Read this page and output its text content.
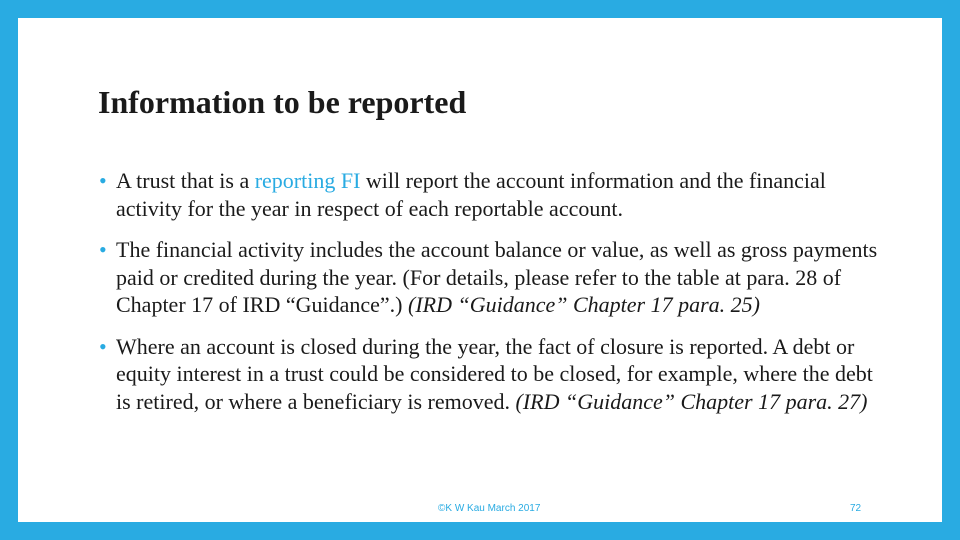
Information to be reported
• A trust that is a reporting FI will report the account information and the financial activity for the year in respect of each reportable account.
• The financial activity includes the account balance or value, as well as gross payments paid or credited during the year. (For details, please refer to the table at para. 28 of Chapter 17 of IRD “Guidance”.) (IRD “Guidance” Chapter 17 para. 25)
• Where an account is closed during the year, the fact of closure is reported. A debt or equity interest in a trust could be considered to be closed, for example, where the debt is retired, or where a beneficiary is removed. (IRD “Guidance” Chapter 17 para. 27)
©K W Kau March 2017	72
